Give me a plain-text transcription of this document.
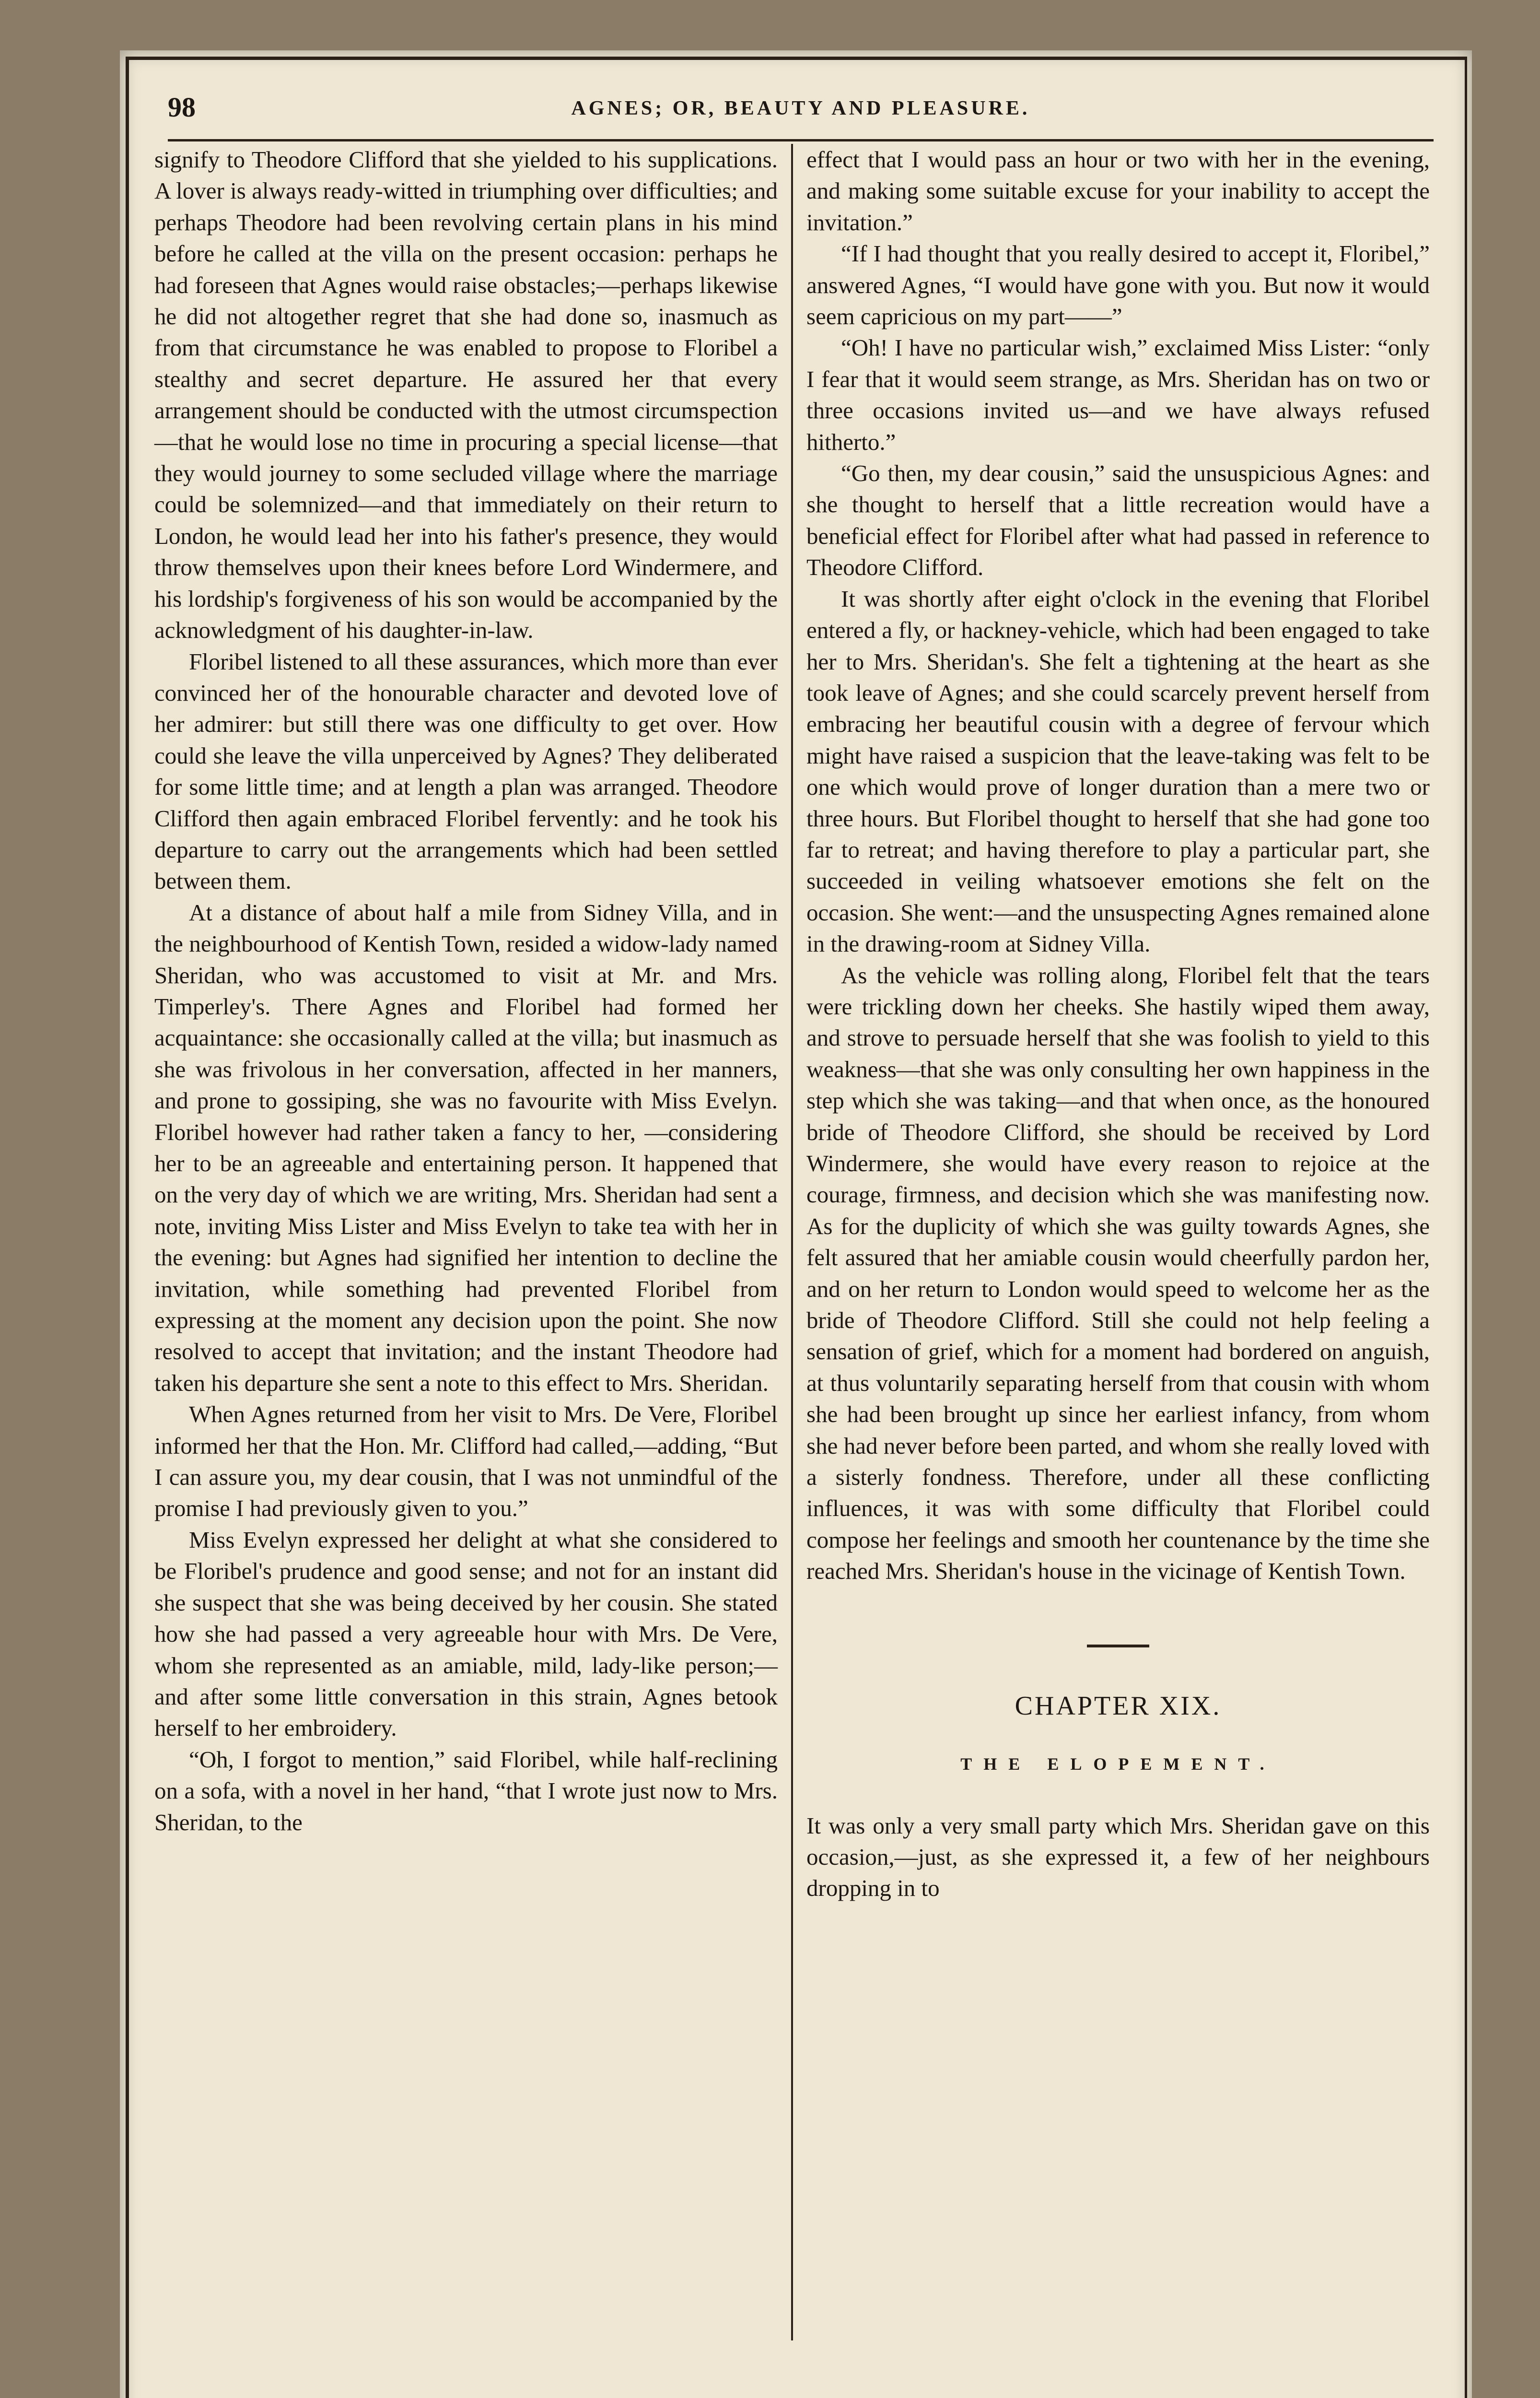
98	AGNES; OR, BEAUTY AND PLEASURE.

signify to Theodore Clifford that she yielded to his supplications. A lover is always ready-witted in triumphing over difficulties; and perhaps Theodore had been revolving certain plans in his mind before he called at the villa on the present occasion: perhaps he had foreseen that Agnes would raise obstacles;—perhaps likewise he did not altogether regret that she had done so, inasmuch as from that circumstance he was enabled to propose to Floribel a stealthy and secret departure. He assured her that every arrangement should be conducted with the utmost circumspection—that he would lose no time in procuring a special license—that they would journey to some secluded village where the marriage could be solemnized—and that immediately on their return to London, he would lead her into his father's presence, they would throw themselves upon their knees before Lord Windermere, and his lordship's forgiveness of his son would be accompanied by the acknowledgment of his daughter-in-law.

Floribel listened to all these assurances, which more than ever convinced her of the honourable character and devoted love of her admirer: but still there was one difficulty to get over. How could she leave the villa unperceived by Agnes? They deliberated for some little time; and at length a plan was arranged. Theodore Clifford then again embraced Floribel fervently: and he took his departure to carry out the arrangements which had been settled between them.

At a distance of about half a mile from Sidney Villa, and in the neighbourhood of Kentish Town, resided a widow-lady named Sheridan, who was accustomed to visit at Mr. and Mrs. Timperley's. There Agnes and Floribel had formed her acquaintance: she occasionally called at the villa; but inasmuch as she was frivolous in her conversation, affected in her manners, and prone to gossiping, she was no favourite with Miss Evelyn. Floribel however had rather taken a fancy to her, —considering her to be an agreeable and entertaining person. It happened that on the very day of which we are writing, Mrs. Sheridan had sent a note, inviting Miss Lister and Miss Evelyn to take tea with her in the evening: but Agnes had signified her intention to decline the invitation, while something had prevented Floribel from expressing at the moment any decision upon the point. She now resolved to accept that invitation; and the instant Theodore had taken his departure she sent a note to this effect to Mrs. Sheridan.

When Agnes returned from her visit to Mrs. De Vere, Floribel informed her that the Hon. Mr. Clifford had called,—adding, “But I can assure you, my dear cousin, that I was not unmindful of the promise I had previously given to you.”

Miss Evelyn expressed her delight at what she considered to be Floribel's prudence and good sense; and not for an instant did she suspect that she was being deceived by her cousin. She stated how she had passed a very agreeable hour with Mrs. De Vere, whom she represented as an amiable, mild, lady-like person;—and after some little conversation in this strain, Agnes betook herself to her embroidery.

“Oh, I forgot to mention,” said Floribel, while half-reclining on a sofa, with a novel in her hand, “that I wrote just now to Mrs. Sheridan, to the

effect that I would pass an hour or two with her in the evening, and making some suitable excuse for your inability to accept the invitation.”

“If I had thought that you really desired to accept it, Floribel,” answered Agnes, “I would have gone with you. But now it would seem capricious on my part——”

“Oh! I have no particular wish,” exclaimed Miss Lister: “only I fear that it would seem strange, as Mrs. Sheridan has on two or three occasions invited us—and we have always refused hitherto.”

“Go then, my dear cousin,” said the unsuspicious Agnes: and she thought to herself that a little recreation would have a beneficial effect for Floribel after what had passed in reference to Theodore Clifford.

It was shortly after eight o'clock in the evening that Floribel entered a fly, or hackney-vehicle, which had been engaged to take her to Mrs. Sheridan's. She felt a tightening at the heart as she took leave of Agnes; and she could scarcely prevent herself from embracing her beautiful cousin with a degree of fervour which might have raised a suspicion that the leave-taking was felt to be one which would prove of longer duration than a mere two or three hours. But Floribel thought to herself that she had gone too far to retreat; and having therefore to play a particular part, she succeeded in veiling whatsoever emotions she felt on the occasion. She went:—and the unsuspecting Agnes remained alone in the drawing-room at Sidney Villa.

As the vehicle was rolling along, Floribel felt that the tears were trickling down her cheeks. She hastily wiped them away, and strove to persuade herself that she was foolish to yield to this weakness—that she was only consulting her own happiness in the step which she was taking—and that when once, as the honoured bride of Theodore Clifford, she should be received by Lord Windermere, she would have every reason to rejoice at the courage, firmness, and decision which she was manifesting now. As for the duplicity of which she was guilty towards Agnes, she felt assured that her amiable cousin would cheerfully pardon her, and on her return to London would speed to welcome her as the bride of Theodore Clifford. Still she could not help feeling a sensation of grief, which for a moment had bordered on anguish, at thus voluntarily separating herself from that cousin with whom she had been brought up since her earliest infancy, from whom she had never before been parted, and whom she really loved with a sisterly fondness. Therefore, under all these conflicting influences, it was with some difficulty that Floribel could compose her feelings and smooth her countenance by the time she reached Mrs. Sheridan's house in the vicinage of Kentish Town.

CHAPTER XIX.

THE ELOPEMENT.

It was only a very small party which Mrs. Sheridan gave on this occasion,—just, as she expressed it, a few of her neighbours dropping in to
